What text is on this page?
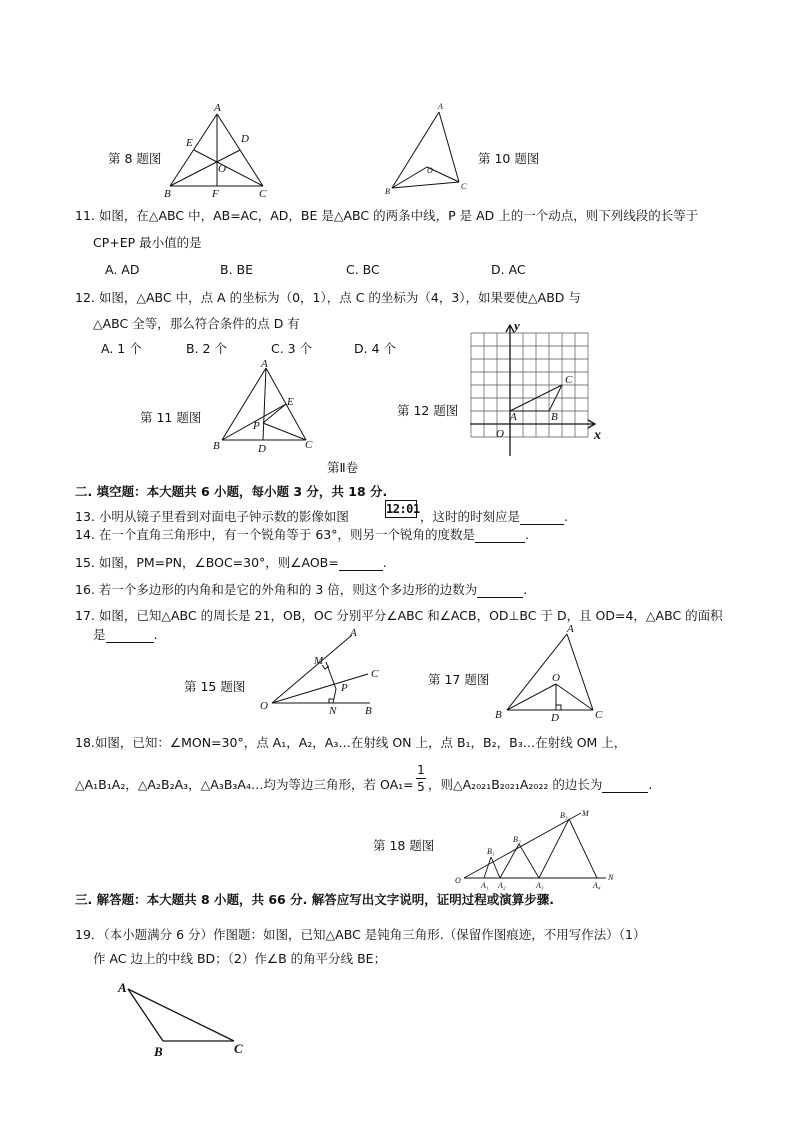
A
E	D
O
B	F	C
第 8 题图
A
O
B
C
第 10 题图
11. 如图，在△ABC 中，AB=AC，AD，BE 是△ABC 的两条中线，P 是 AD 上的一个动点，则下列线段的长等于
CP+EP 最小值的是
A. AD	B. BE	C. BC	D. AC
12. 如图，△ABC 中，点 A 的坐标为（0，1），点 C 的坐标为（4，3），如果要使△ABD 与
△ABC 全等，那么符合条件的点 D 有
A. 1 个	B. 2 个	C. 3 个	D. 4 个
A
E
P
B	D	C
第 11 题图	第 12 题图
y
x
O
A	B
C
第Ⅱ卷
二. 填空题：本大题共 6 小题，每小题 3 分，共 18 分.
13. 小明从镜子里看到对面电子钟示数的影像如图	12:01 ，这时的时刻应是	.
14. 在一个直角三角形中，有一个锐角等于 63°，则另一个锐角的度数是	.
15. 如图，PM=PN，∠BOC=30°，则∠AOB=	.
16. 若一个多边形的内角和是它的外角和的 3 倍，则这个多边形的边数为	.
17. 如图，已知△ABC 的周长是 21，OB，OC 分别平分∠ABC 和∠ACB，OD⊥BC 于 D，且 OD=4，△ABC 的面积
是	.
第 15 题图
A
M
C
P
O	N	B
第 17 题图
A
O
B	D	C
18.如图，已知：∠MON=30°，点 A₁，A₂，A₃…在射线 ON 上，点 B₁，B₂，B₃…在射线 OM 上，
△A₁B₁A₂，△A₂B₂A₃，△A₃B₃A₄…均为等边三角形，若 OA₁=
1
5 ，则△A₂₀₂₁B₂₀₂₁A₂₀₂₂ 的边长为	.
第 18 题图
O
M
N
B₁
B₂
B₃
A₁ A₂	A₃	A₄
三. 解答题：本大题共 8 小题，共 66 分. 解答应写出文字说明，证明过程或演算步骤.
19．（本小题满分 6 分）作图题：如图，已知△ABC 是钝角三角形.（保留作图痕迹，不用写作法）（1）
作 AC 边上的中线 BD；（2）作∠B 的角平分线 BE；
A
B	C
